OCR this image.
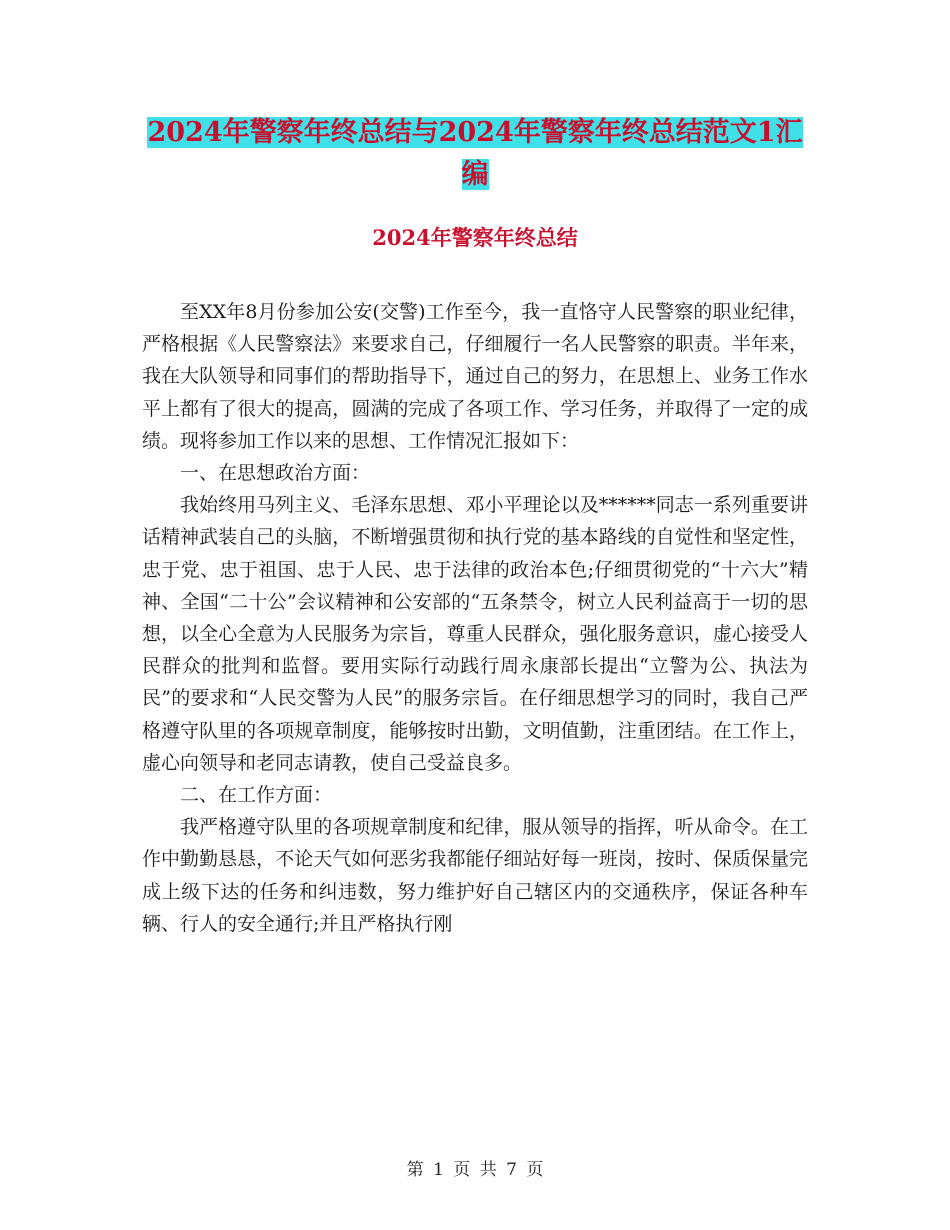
2024年警察年终总结与2024年警察年终总结范文1汇
编
2024年警察年终总结

至XX年8月份参加公安(交警)工作至今，我一直恪守人民警察的职业纪律，严格根据《人民警察法》来要求自己，仔细履行一名人民警察的职责。半年来，我在大队领导和同事们的帮助指导下，通过自己的努力，在思想上、业务工作水平上都有了很大的提高，圆满的完成了各项工作、学习任务，并取得了一定的成绩。现将参加工作以来的思想、工作情况汇报如下：

一、在思想政治方面：

我始终用马列主义、毛泽东思想、邓小平理论以及******同志一系列重要讲话精神武装自己的头脑，不断增强贯彻和执行党的基本路线的自觉性和坚定性，忠于党、忠于祖国、忠于人民、忠于法律的政治本色;仔细贯彻党的“十六大”精神、全国“二十公”会议精神和公安部的“五条禁令，树立人民利益高于一切的思想，以全心全意为人民服务为宗旨，尊重人民群众，强化服务意识，虚心接受人民群众的批判和监督。要用实际行动践行周永康部长提出“立警为公、执法为民”的要求和“人民交警为人民”的服务宗旨。在仔细思想学习的同时，我自己严格遵守队里的各项规章制度，能够按时出勤，文明值勤，注重团结。在工作上，虚心向领导和老同志请教，使自己受益良多。

二、在工作方面：

我严格遵守队里的各项规章制度和纪律，服从领导的指挥，听从命令。在工作中勤勤恳恳，不论天气如何恶劣我都能仔细站好每一班岗，按时、保质保量完成上级下达的任务和纠违数，努力维护好自己辖区内的交通秩序，保证各种车辆、行人的安全通行;并且严格执行刚

第 1 页 共 7 页
